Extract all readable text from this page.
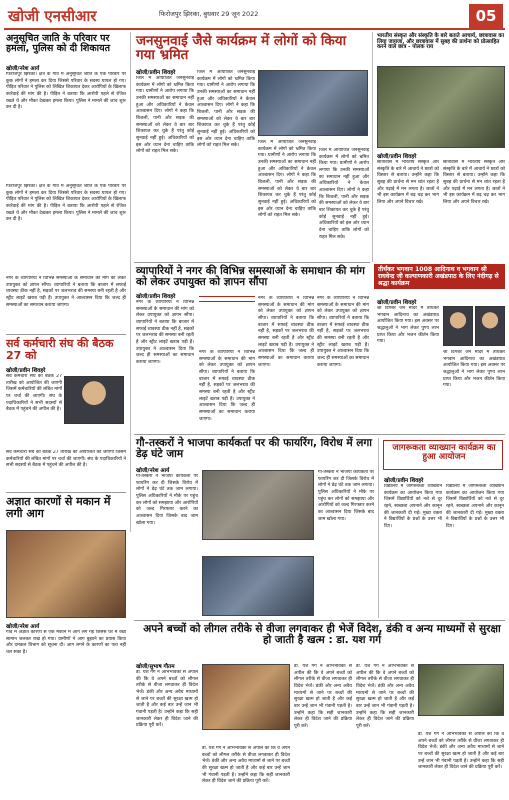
खोजी एनसीआर	फिरोजपुर झिरका, बुधवार 29 जून 2022	05
अनुसूचित जाति के परिवार पर हमला, पुलिस को दी शिकायत
खोजी/नरेश आर्य
फिरोजपुर झिरका। क्षेत्र के गांव में अनुसूचित जाति के एक परिवार पर कुछ लोगों ने हमला कर दिया जिससे परिवार के सदस्य घायल हो गए। पीड़ित परिवार ने पुलिस को लिखित शिकायत देकर आरोपियों के खिलाफ कार्रवाई की मांग की है। पीड़ित ने बताया कि आरोपी पहले से रंजिश रखते थे और मौका देखकर हमला किया। पुलिस ने मामले की जांच शुरू कर दी है।
फिरोजपुर झिरका। क्षेत्र के गांव में अनुसूचित जाति के एक परिवार पर कुछ लोगों ने हमला कर दिया जिससे परिवार के सदस्य घायल हो गए। पीड़ित परिवार ने पुलिस को लिखित शिकायत देकर आरोपियों के खिलाफ कार्रवाई की मांग की है। पीड़ित ने बताया कि आरोपी पहले से रंजिश रखते थे और मौका देखकर हमला किया। पुलिस ने मामले की जांच शुरू कर दी है।
नगर के व्यापारियों ने विभिन्न समस्याओं के समाधान की मांग को लेकर उपायुक्त को ज्ञापन सौंपा। व्यापारियों ने बताया कि बाजार में सफाई व्यवस्था ठीक नहीं है, सड़कों पर जलभराव की समस्या बनी रहती है और स्ट्रीट लाइटें खराब पड़ी हैं। उपायुक्त ने आश्वासन दिया कि जल्द ही समस्याओं का समाधान कराया जाएगा।
सर्व कर्मचारी संघ की बैठक 27 को
खोजी/प्रवीन शिवहरे
सर्व कर्मचारी संघ की बैठक 27 तारीख को आयोजित की जाएगी जिसमें कर्मचारियों की लंबित मांगों पर चर्चा की जाएगी। संघ के पदाधिकारियों ने सभी सदस्यों से बैठक में पहुंचने की अपील की है।
सर्व कर्मचारी संघ की बैठक 27 तारीख को आयोजित की जाएगी जिसमें कर्मचारियों की लंबित मांगों पर चर्चा की जाएगी। संघ के पदाधिकारियों ने सभी सदस्यों से बैठक में पहुंचने की अपील की है।
अज्ञात कारणों से मकान में लगी आग
खोजी/नरेश आर्य
गांव में अज्ञात कारणों से एक मकान में आग लग गई जिससे घर में रखा सामान जलकर राख हो गया। ग्रामीणों ने आग बुझाने का प्रयास किया और दमकल विभाग को सूचना दी। आग लगने के कारणों का पता नहीं चल सका है।
जनसुनवाई जैसे कार्यक्रम में लोगों को किया गया भ्रमित
खोजी/प्रवीन शिवहरे
जिले में आयोजित जनसुनवाई कार्यक्रम में लोगों को भ्रमित किया गया। ग्रामीणों ने आरोप लगाया कि उनकी समस्याओं का समाधान नहीं हुआ और अधिकारियों ने केवल आश्वासन दिए। लोगों ने कहा कि बिजली, पानी और सड़क की समस्याओं को लेकर वे बार बार शिकायत कर चुके हैं परंतु कोई सुनवाई नहीं हुई। अधिकारियों को इस ओर ध्यान देना चाहिए ताकि लोगों को राहत मिल सके।
जिले में आयोजित जनसुनवाई कार्यक्रम में लोगों को भ्रमित किया गया। ग्रामीणों ने आरोप लगाया कि उनकी समस्याओं का समाधान नहीं हुआ और अधिकारियों ने केवल आश्वासन दिए। लोगों ने कहा कि बिजली, पानी और सड़क की समस्याओं को लेकर वे बार बार शिकायत कर चुके हैं परंतु कोई सुनवाई नहीं हुई। अधिकारियों को इस ओर ध्यान देना चाहिए ताकि लोगों को राहत मिल सके।
जिले में आयोजित जनसुनवाई कार्यक्रम में लोगों को भ्रमित किया गया। ग्रामीणों ने आरोप लगाया कि उनकी समस्याओं का समाधान नहीं हुआ और अधिकारियों ने केवल आश्वासन दिए। लोगों ने कहा कि बिजली, पानी और सड़क की समस्याओं को लेकर वे बार बार शिकायत कर चुके हैं परंतु कोई सुनवाई नहीं हुई। अधिकारियों को इस ओर ध्यान देना चाहिए ताकि लोगों को राहत मिल सके।
जिले में आयोजित जनसुनवाई कार्यक्रम में लोगों को भ्रमित किया गया। ग्रामीणों ने आरोप लगाया कि उनकी समस्याओं का समाधान नहीं हुआ और अधिकारियों ने केवल आश्वासन दिए। लोगों ने कहा कि बिजली, पानी और सड़क की समस्याओं को लेकर वे बार बार शिकायत कर चुके हैं परंतु कोई सुनवाई नहीं हुई। अधिकारियों को इस ओर ध्यान देना चाहिए ताकि लोगों को राहत मिल सके।
व्यापारियों ने नगर की विभिन्न समस्याओं के समाधान की मांग को लेकर उपायुक्त को ज्ञापन सौंपा
खोजी/प्रवीन शिवहरे
नगर के व्यापारियों ने विभिन्न समस्याओं के समाधान की मांग को लेकर उपायुक्त को ज्ञापन सौंपा। व्यापारियों ने बताया कि बाजार में सफाई व्यवस्था ठीक नहीं है, सड़कों पर जलभराव की समस्या बनी रहती है और स्ट्रीट लाइटें खराब पड़ी हैं। उपायुक्त ने आश्वासन दिया कि जल्द ही समस्याओं का समाधान कराया जाएगा।
नगर के व्यापारियों ने विभिन्न समस्याओं के समाधान की मांग को लेकर उपायुक्त को ज्ञापन सौंपा। व्यापारियों ने बताया कि बाजार में सफाई व्यवस्था ठीक नहीं है, सड़कों पर जलभराव की समस्या बनी रहती है और स्ट्रीट लाइटें खराब पड़ी हैं। उपायुक्त ने आश्वासन दिया कि जल्द ही समस्याओं का समाधान कराया जाएगा।
नगर के व्यापारियों ने विभिन्न समस्याओं के समाधान की मांग को लेकर उपायुक्त को ज्ञापन सौंपा। व्यापारियों ने बताया कि बाजार में सफाई व्यवस्था ठीक नहीं है, सड़कों पर जलभराव की समस्या बनी रहती है और स्ट्रीट लाइटें खराब पड़ी हैं। उपायुक्त ने आश्वासन दिया कि जल्द ही समस्याओं का समाधान कराया जाएगा।
नगर के व्यापारियों ने विभिन्न समस्याओं के समाधान की मांग को लेकर उपायुक्त को ज्ञापन सौंपा। व्यापारियों ने बताया कि बाजार में सफाई व्यवस्था ठीक नहीं है, सड़कों पर जलभराव की समस्या बनी रहती है और स्ट्रीट लाइटें खराब पड़ी हैं। उपायुक्त ने आश्वासन दिया कि जल्द ही समस्याओं का समाधान कराया जाएगा।
भारतीय संस्कृत और संस्कृति के बारे बताते आचार्य, छात्रावास का लिया जायजा, और छात्रावास में सुबह की प्रार्थना को प्रोत्साहित करने वाले छात्र - पोलक राय
खोजी/प्रवीन शिवहरे
छात्रावास में भारतीय संस्कृत और संस्कृति के बारे में आचार्य ने छात्रों को विस्तार से बताया। उन्होंने कहा कि सुबह की प्रार्थना से मन शांत रहता है और पढ़ाई में मन लगता है। छात्रों ने भी इस कार्यक्रम में बढ़ चढ़ कर भाग लिया और अपने विचार रखे।
छात्रावास में भारतीय संस्कृत और संस्कृति के बारे में आचार्य ने छात्रों को विस्तार से बताया। उन्होंने कहा कि सुबह की प्रार्थना से मन शांत रहता है और पढ़ाई में मन लगता है। छात्रों ने भी इस कार्यक्रम में बढ़ चढ़ कर भाग लिया और अपने विचार रखे।
तीर्थंकर भगवान 1008 आदिनाथ व भगवान श्री राघवेन्द्र जी कल्याणकारी अखंडपाठ के लिए नंदीगढ़ से श्रद्धा कार्यक्रम
खोजी/प्रवीन शिवहरे
श्री दिगंबर जैन मंदिर में तीर्थंकर भगवान आदिनाथ का अखंडपाठ आयोजित किया गया। इस अवसर पर श्रद्धालुओं ने भाग लेकर पुण्य लाभ प्राप्त किया और भजन कीर्तन किया गया।
श्री दिगंबर जैन मंदिर में तीर्थंकर भगवान आदिनाथ का अखंडपाठ आयोजित किया गया। इस अवसर पर श्रद्धालुओं ने भाग लेकर पुण्य लाभ प्राप्त किया और भजन कीर्तन किया गया।
गौ-तस्करों ने भाजपा कार्यकर्ता पर की फायरिंग, विरोध में लगा डेढ़ घंटे जाम
खोजी/नरेश आर्य
गौ-तस्करों ने भाजपा कार्यकर्ता पर फायरिंग कर दी जिसके विरोध में लोगों ने डेढ़ घंटे तक जाम लगाया। पुलिस अधिकारियों ने मौके पर पहुंच कर लोगों को समझाया और आरोपियों को जल्द गिरफ्तार करने का आश्वासन दिया जिसके बाद जाम खोला गया।
गौ-तस्करों ने भाजपा कार्यकर्ता पर फायरिंग कर दी जिसके विरोध में लोगों ने डेढ़ घंटे तक जाम लगाया। पुलिस अधिकारियों ने मौके पर पहुंच कर लोगों को समझाया और आरोपियों को जल्द गिरफ्तार करने का आश्वासन दिया जिसके बाद जाम खोला गया।
जागरूकता व्याख्यान कार्यक्रम का हुआ आयोजन
खोजी/प्रवीन शिवहरे
विद्यालय में जागरूकता व्याख्यान कार्यक्रम का आयोजन किया गया जिसमें विद्यार्थियों को नशे से दूर रहने, स्वच्छता अपनाने और कानून की जानकारी दी गई। मुख्य वक्ता ने विद्यार्थियों के प्रश्नों के उत्तर भी दिए।
विद्यालय में जागरूकता व्याख्यान कार्यक्रम का आयोजन किया गया जिसमें विद्यार्थियों को नशे से दूर रहने, स्वच्छता अपनाने और कानून की जानकारी दी गई। मुख्य वक्ता ने विद्यार्थियों के प्रश्नों के उत्तर भी दिए।
अपने बच्चों को लीगल तरीके से वीजा लगवाकर ही भेजें विदेश, डंकी व अन्य माध्यमों से सुरक्षा हो जाती है खत्म : डा. यश गर्ग
खोजी/सुभाष गौतम
डा. यश गर्ग ने अभिभावकों से अपील की कि वे अपने बच्चों को लीगल तरीके से वीजा लगवाकर ही विदेश भेजें। डंकी और अन्य अवैध माध्यमों से जाने पर बच्चों की सुरक्षा खत्म हो जाती है और कई बार उन्हें जान भी गंवानी पड़ती है। उन्होंने कहा कि सही जानकारी लेकर ही विदेश जाने की प्रक्रिया पूरी करें।
डा. यश गर्ग ने अभिभावकों से अपील की कि वे अपने बच्चों को लीगल तरीके से वीजा लगवाकर ही विदेश भेजें। डंकी और अन्य अवैध माध्यमों से जाने पर बच्चों की सुरक्षा खत्म हो जाती है और कई बार उन्हें जान भी गंवानी पड़ती है। उन्होंने कहा कि सही जानकारी लेकर ही विदेश जाने की प्रक्रिया पूरी करें।
डा. यश गर्ग ने अभिभावकों से अपील की कि वे अपने बच्चों को लीगल तरीके से वीजा लगवाकर ही विदेश भेजें। डंकी और अन्य अवैध माध्यमों से जाने पर बच्चों की सुरक्षा खत्म हो जाती है और कई बार उन्हें जान भी गंवानी पड़ती है। उन्होंने कहा कि सही जानकारी लेकर ही विदेश जाने की प्रक्रिया पूरी करें।
डा. यश गर्ग ने अभिभावकों से अपील की कि वे अपने बच्चों को लीगल तरीके से वीजा लगवाकर ही विदेश भेजें। डंकी और अन्य अवैध माध्यमों से जाने पर बच्चों की सुरक्षा खत्म हो जाती है और कई बार उन्हें जान भी गंवानी पड़ती है। उन्होंने कहा कि सही जानकारी लेकर ही विदेश जाने की प्रक्रिया पूरी करें।
डा. यश गर्ग ने अभिभावकों से अपील की कि वे अपने बच्चों को लीगल तरीके से वीजा लगवाकर ही विदेश भेजें। डंकी और अन्य अवैध माध्यमों से जाने पर बच्चों की सुरक्षा खत्म हो जाती है और कई बार उन्हें जान भी गंवानी पड़ती है। उन्होंने कहा कि सही जानकारी लेकर ही विदेश जाने की प्रक्रिया पूरी करें।
